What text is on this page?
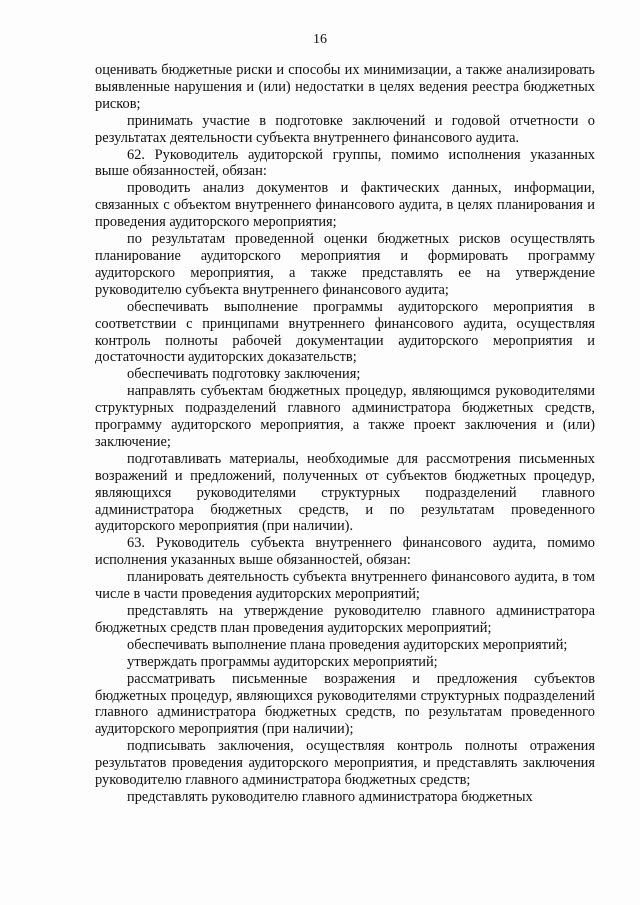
16

оценивать бюджетные риски и способы их минимизации, а также анализировать выявленные нарушения и (или) недостатки в целях ведения реестра бюджетных рисков;

принимать участие в подготовке заключений и годовой отчетности о результатах деятельности субъекта внутреннего финансового аудита.

62. Руководитель аудиторской группы, помимо исполнения указанных выше обязанностей, обязан:

проводить анализ документов и фактических данных, информации, связанных с объектом внутреннего финансового аудита, в целях планирования и проведения аудиторского мероприятия;

по результатам проведенной оценки бюджетных рисков осуществлять планирование аудиторского мероприятия и формировать программу аудиторского мероприятия, а также представлять ее на утверждение руководителю субъекта внутреннего финансового аудита;

обеспечивать выполнение программы аудиторского мероприятия в соответствии с принципами внутреннего финансового аудита, осуществляя контроль полноты рабочей документации аудиторского мероприятия и достаточности аудиторских доказательств;

обеспечивать подготовку заключения;

направлять субъектам бюджетных процедур, являющимся руководителями структурных подразделений главного администратора бюджетных средств, программу аудиторского мероприятия, а также проект заключения и (или) заключение;

подготавливать материалы, необходимые для рассмотрения письменных возражений и предложений, полученных от субъектов бюджетных процедур, являющихся руководителями структурных подразделений главного администратора бюджетных средств, и по результатам проведенного аудиторского мероприятия (при наличии).

63. Руководитель субъекта внутреннего финансового аудита, помимо исполнения указанных выше обязанностей, обязан:

планировать деятельность субъекта внутреннего финансового аудита, в том числе в части проведения аудиторских мероприятий;

представлять на утверждение руководителю главного администратора бюджетных средств план проведения аудиторских мероприятий;

обеспечивать выполнение плана проведения аудиторских мероприятий;

утверждать программы аудиторских мероприятий;

рассматривать письменные возражения и предложения субъектов бюджетных процедур, являющихся руководителями структурных подразделений главного администратора бюджетных средств, по результатам проведенного аудиторского мероприятия (при наличии);

подписывать заключения, осуществляя контроль полноты отражения результатов проведения аудиторского мероприятия, и представлять заключения руководителю главного администратора бюджетных средств;

представлять руководителю главного администратора бюджетных
